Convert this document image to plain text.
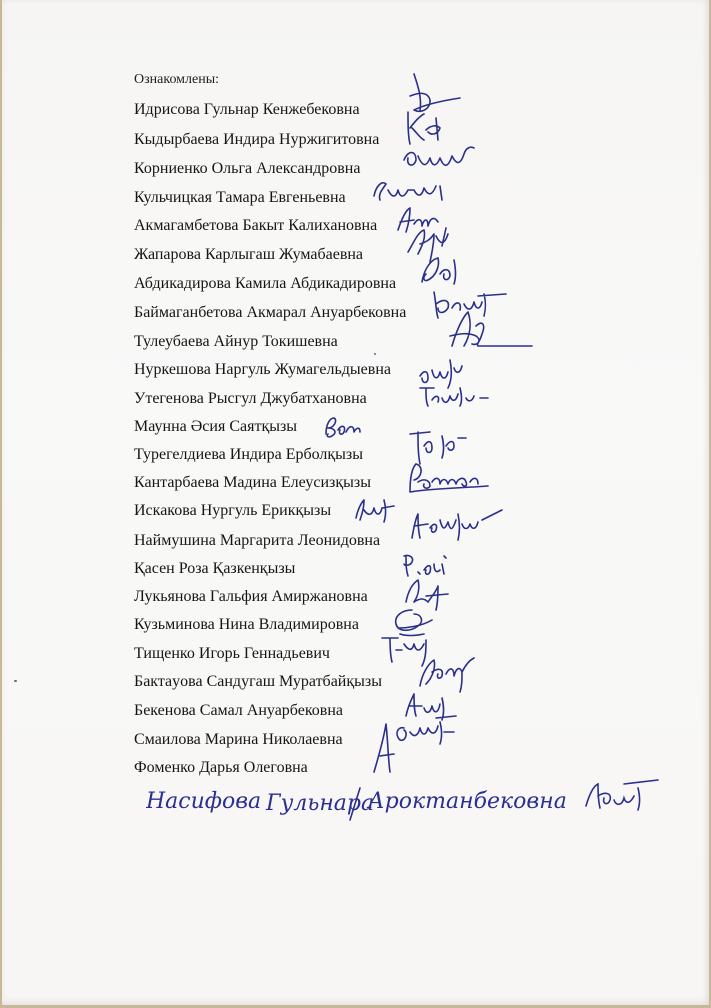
Ознакомлены:
Идрисова Гульнар Кенжебековна
Кыдырбаева Индира Нуржигитовна
Корниенко Ольга Александровна
Кульчицкая Тамара Евгеньевна
Акмагамбетова Бакыт Калихановна
Жапарова Карлыгаш Жумабаевна
Абдикадирова Камила Абдикадировна
Баймаганбетова Акмарал Ануарбековна
Тулеубаева Айнур Токишевна
Нуркешова Наргуль Жумагельдыевна
Утегенова Рысгул Джубатхановна
Маунна Әсия Саятқызы
Турегелдиева Индира Ерболқызы
Кантарбаева Мадина Елеусизқызы
Искакова Нургуль Ерикқызы
Наймушина Маргарита Леонидовна
Қасен Роза Қазкенқызы
Лукьянова Гальфия Амиржановна
Кузьминова Нина Владимировна
Тищенко Игорь Геннадьевич
Бактаyова Сандугаш Муратбайқызы
Бекенова Самал Ануарбековна
Смаилова Марина Николаевна
Фоменко Дарья Олеговна
Насифова Гульнара
Ароктанбековна
